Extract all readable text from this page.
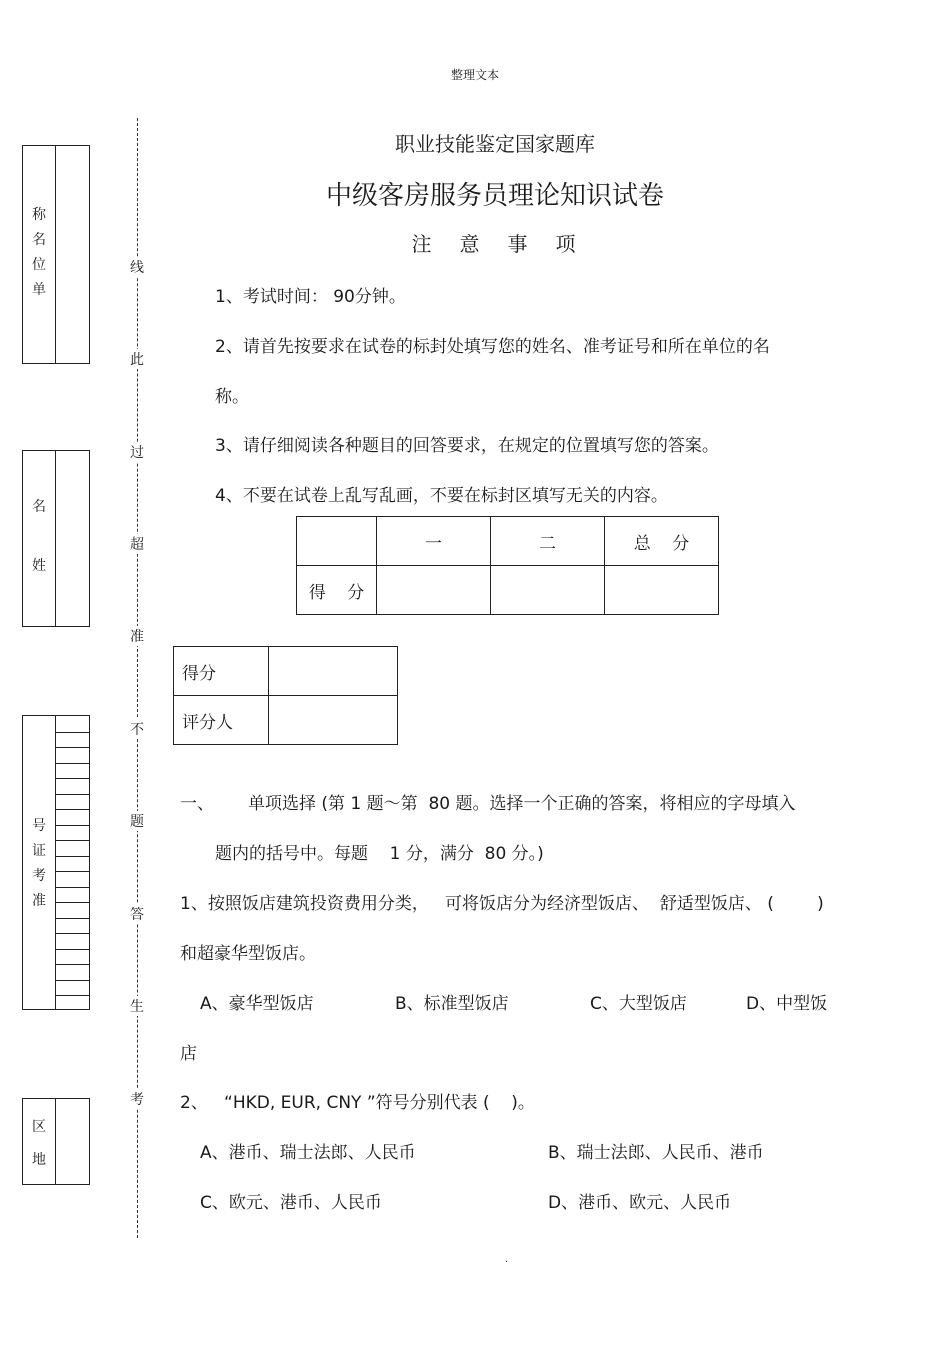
整理文本
职业技能鉴定国家题库
中级客房服务员理论知识试卷
注意事项
1、考试时间： 90分钟。
2、请首先按要求在试卷的标封处填写您的姓名、准考证号和所在单位的名
称。
3、请仔细阅读各种题目的回答要求，在规定的位置填写您的答案。
4、不要在试卷上乱写乱画，不要在标封区填写无关的内容。
	一	二	总    分
得    分			
得分	
评分人	
一、 单项选择 (第 1 题～第  80 题。选择一个正确的答案，将相应的字母填入
题内的括号中。每题    1 分，满分  80 分。)
1、按照饭店建筑投资费用分类，   可将饭店分为经济型饭店、  舒适型饭店、 (        )
和超豪华型饭店。
A、豪华型饭店	B、标准型饭店	C、大型饭店	D、中型饭
店
2、   “HKD, EUR, CNY ”符号分别代表 (    )。
A、港币、瑞士法郎、人民币	B、瑞士法郎、人民币、港币
C、欧元、港币、人民币	D、港币、欧元、人民币
称
名
位
单
名
姓
号
证
考
准
区
地
线
此
过
超
准
不
题
答
生
考
.
